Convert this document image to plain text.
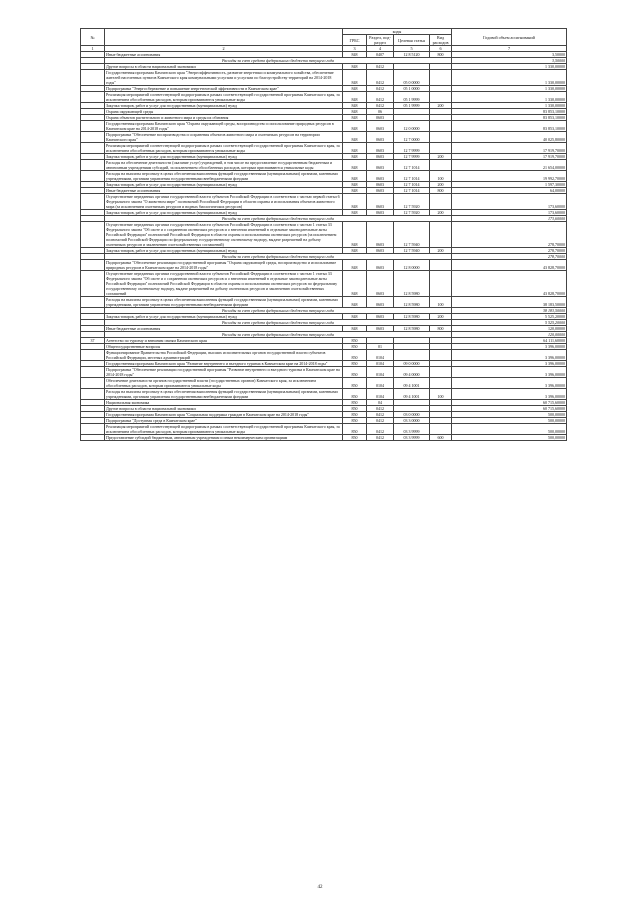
№		коды				Годовой объем ассигнований
		ГРБС	Раздел, под-раздел	Целевая статья	Вид расходов	
1	2	3	4	5	6	7
	Иные бюджетные ассигнования	848	0407	12 8 5120	800	3,50000
	Расходы за счет средств федерального бюджета текущего года					3,50000
	Другие вопросы в области национальной экономики	848	0412			1 330,00000
	Государственная программа Камчатского края "Энергоэффективность, развитие энергетики и коммунального хозяйства, обеспечение жителей населенных пунктов Камчатского края коммунальными услугами и услугами по благоустройству территорий на 2014-2018 годы"	848	0412	05 0 0000		1 330,00000
	Подпрограмма "Энергосбережение и повышение энергетической эффективности в Камчатском крае"	848	0412	05 1 0000		1 330,00000
	Реализация мероприятий соответствующей подпрограммы в рамках соответствующей государственной программы Камчатского края, за исключением обособленных расходов, которым присваиваются уникальные коды	848	0412	05 1 9999		1 330,00000
	Закупка товаров, работ и услуг для государственных (муниципальных) нужд	848	0412	05 1 9999	200	1 330,00000
	Охрана окружающей среды	848	06			83 853,10000
	Охрана объектов растительного и животного мира и среды их обитания	848	0603			83 853,10000
	Государственная программа Камчатского края "Охрана окружающей среды, воспроизводство и использование природных ресурсов в Камчатском крае на 2014-2018 годы"	848	0603	12 0 0000		83 853,10000
	Подпрограмма "Обеспечение воспроизводства и сохранения объектов животного мира и охотничьих ресурсов на территории Камчатского края"	848	0603	12 7 0000		40 025,80000
	Реализация мероприятий соответствующей подпрограммы в рамках соответствующей государственной программы Камчатского края, за исключением обособленных расходов, которым присваиваются уникальные коды	848	0603	12 7 9999		17 919,70000
	Закупка товаров, работ и услуг для государственных (муниципальных) нужд	848	0603	12 7 9999	200	17 919,70000
	Расходы на обеспечение деятельности (оказание услуг) учреждений, в том числе на предоставление государственным бюджетным и автономным учреждениям субсидий, за исключением обособленных расходов, которым присваиваются уникальные коды	848	0603	12 7 1014		21 654,00000
	Расходы на выплаты персоналу в целях обеспечения выполнения функций государственными (муниципальными) органами, казенными учреждениями, органами управления государственными внебюджетными фондами	848	0603	12 7 1014	100	19 992,70000
	Закупка товаров, работ и услуг для государственных (муниципальных) нужд	848	0603	12 7 1014	200	1 597,30000
	Иные бюджетные ассигнования	848	0603	12 7 1014	800	64,00000
	Осуществление переданных органам государственной власти субъектов Российской Федерации в соответствии с частью первой статьи 6 Федерального закона "О животном мире" полномочий Российской Федерации в области охраны и использования объектов животного мира (за исключением охотничьих ресурсов и водных биологических ресурсов)	848	0603	12 7 5920		173,60000
	Закупка товаров, работ и услуг для государственных (муниципальных) нужд	848	0603	12 7 5920	200	173,60000
	Расходы за счет средств федерального бюджета текущего года					173,60000
	Осуществление переданных органам государственной власти субъектов Российской Федерации в соответствии с частью 1 статьи 33 Федерального закона "Об охоте и о сохранении охотничьих ресурсов и о внесении изменений в отдельные законодательные акты Российской Федерации" полномочий Российской Федерации в области охраны и использования охотничьих ресурсов (за исключением полномочий Российской Федерации по федеральному государственному охотничьему надзору, выдаче разрешений на добычу охотничьих ресурсов и заключению охотхозяйственных соглашений)	848	0603	12 7 5940		278,70000
	Закупка товаров, работ и услуг для государственных (муниципальных) нужд	848	0603	12 7 5940	200	278,70000
	Расходы за счет средств федерального бюджета текущего года					278,70000
	Подпрограмма "Обеспечение реализации государственной программы "Охрана окружающей среды, воспроизводство и использование природных ресурсов в Камчатском крае на 2014-2018 годы"	848	0603	12 8 0000		43 828,70000
	Осуществление переданных органам государственной власти субъектов Российской Федерации в соответствии с частью 1 статьи 33 Федерального закона "Об охоте и о сохранении охотничьих ресурсов и о внесении изменений в отдельные законодательные акты Российской Федерации" полномочий Российской Федерации в области охраны и использования охотничьих ресурсов по федеральному государственному охотничьему надзору, выдаче разрешений на добычу охотничьих ресурсов и заключению охотхозяйственных соглашений	848	0603	12 8 5980		43 828,70000
	Расходы на выплаты персоналу в целях обеспечения выполнения функций государственными (муниципальными) органами, казенными учреждениями, органами управления государственными внебюджетными фондами	848	0603	12 8 5980	100	38 183,50000
	Расходы за счет средств федерального бюджета текущего года					38 183,50000
	Закупка товаров, работ и услуг для государственных (муниципальных) нужд	848	0603	12 8 5980	200	5 525,20000
	Расходы за счет средств федерального бюджета текущего года					5 525,20000
	Иные бюджетные ассигнования	848	0603	12 8 5980	800	120,00000
	Расходы за счет средств федерального бюджета текущего года					120,00000
37	Агентство по туризму и внешним связям Камчатского края	850				64 111,60000
	Общегосударственные вопросы	850	01			3 396,00000
	Функционирование Правительства Российской Федерации, высших исполнительных органов государственной власти субъектов Российской Федерации, местных администраций	850	0104			3 396,00000
	Государственная программа Камчатского края "Развитие внутреннего и въездного туризма в Камчатском крае на 2014-2018 годы"	850	0104	09 0 0000		3 396,00000
	Подпрограмма "Обеспечение реализации государственной программы "Развитие внутреннего и въездного туризма в Камчатском крае на 2014-2018 годы"	850	0104	09 4 0000		3 396,00000
	Обеспечение деятельности органов государственной власти (государственных органов) Камчатского края, за исключением обособленных расходов, которым присваиваются уникальные коды	850	0104	09 4 1001		3 396,00000
	Расходы на выплаты персоналу в целях обеспечения выполнения функций государственными (муниципальными) органами, казенными учреждениями, органами управления государственными внебюджетными фондами	850	0104	09 4 1001	100	3 396,00000
	Национальная экономика	850	04			60 715,60000
	Другие вопросы в области национальной экономики	850	0412			60 715,60000
	Государственная программа Камчатского края "Социальная поддержка граждан в Камчатском крае на 2014-2018 годы"	850	0412	03 0 0000		500,00000
	Подпрограмма "Доступная среда в Камчатском крае"	850	0412	03 3 0000		500,00000
	Реализация мероприятий соответствующей подпрограммы в рамках соответствующей государственной программы Камчатского края, за исключением обособленных расходов, которым присваиваются уникальные коды	850	0412	03 3 9999		500,00000
	Предоставление субсидий бюджетным, автономным учреждениям и иным некоммерческим организациям	850	0412	03 3 9999	600	500,00000
42
